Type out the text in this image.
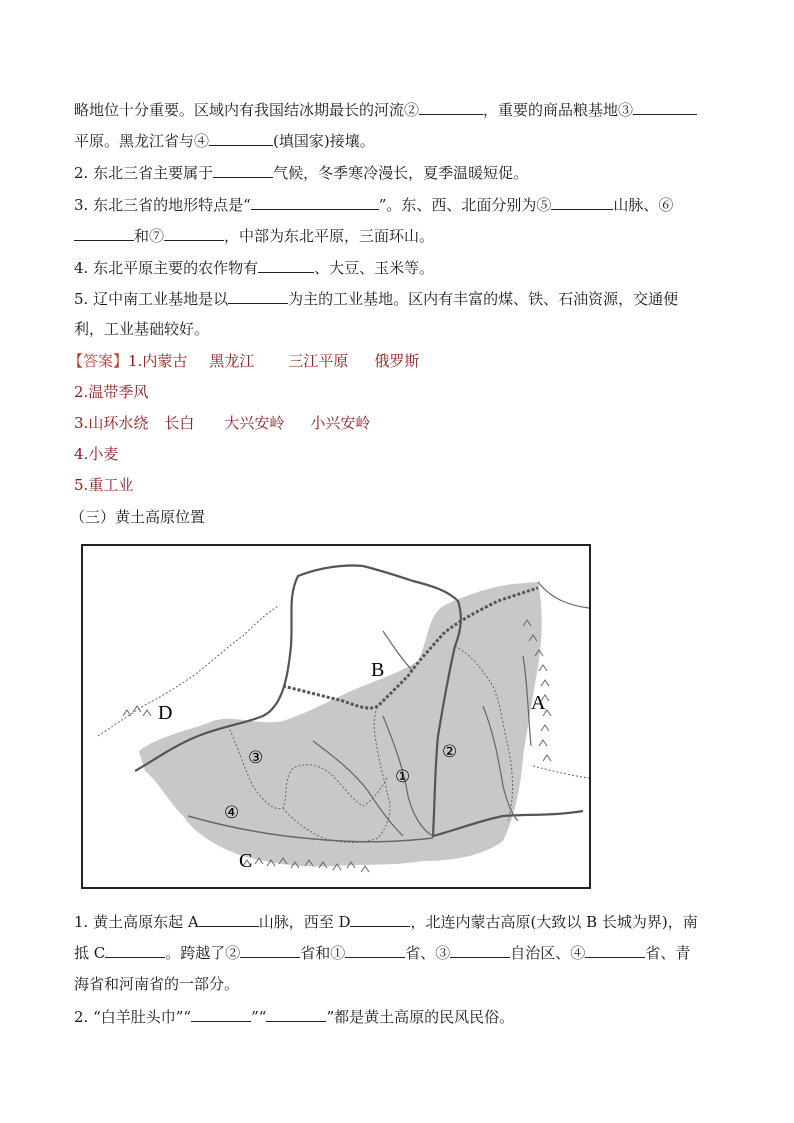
略地位十分重要。区域内有我国结冰期最长的河流②	，重要的商品粮基地③
平原。黑龙江省与④	(填国家)接壤。
2. 东北三省主要属于	气候，冬季寒冷漫长，夏季温暖短促。
3. 东北三省的地形特点是“	”。东、西、北面分别为⑤	山脉、⑥
和⑦	，中部为东北平原，三面环山。
4. 东北平原主要的农作物有	、大豆、玉米等。
5. 辽中南工业基地是以	为主的工业基地。区内有丰富的煤、铁、石油资源，交通便
利，工业基础较好。
【答案】1.内蒙古 黑龙江 三江平原 俄罗斯
2.温带季风
3.山环水绕 长白 大兴安岭 小兴安岭
4.小麦
5.重工业
（三）黄土高原位置
A
B
C
D
①
②
③
④
1. 黄土高原东起 A	山脉，西至 D	，北连内蒙古高原(大致以 B 长城为界)，南
抵 C	。跨越了②	省和①	省、③	自治区、④	省、青
海省和河南省的一部分。
2. “白羊肚头巾”“	”“	”都是黄土高原的民风民俗。
